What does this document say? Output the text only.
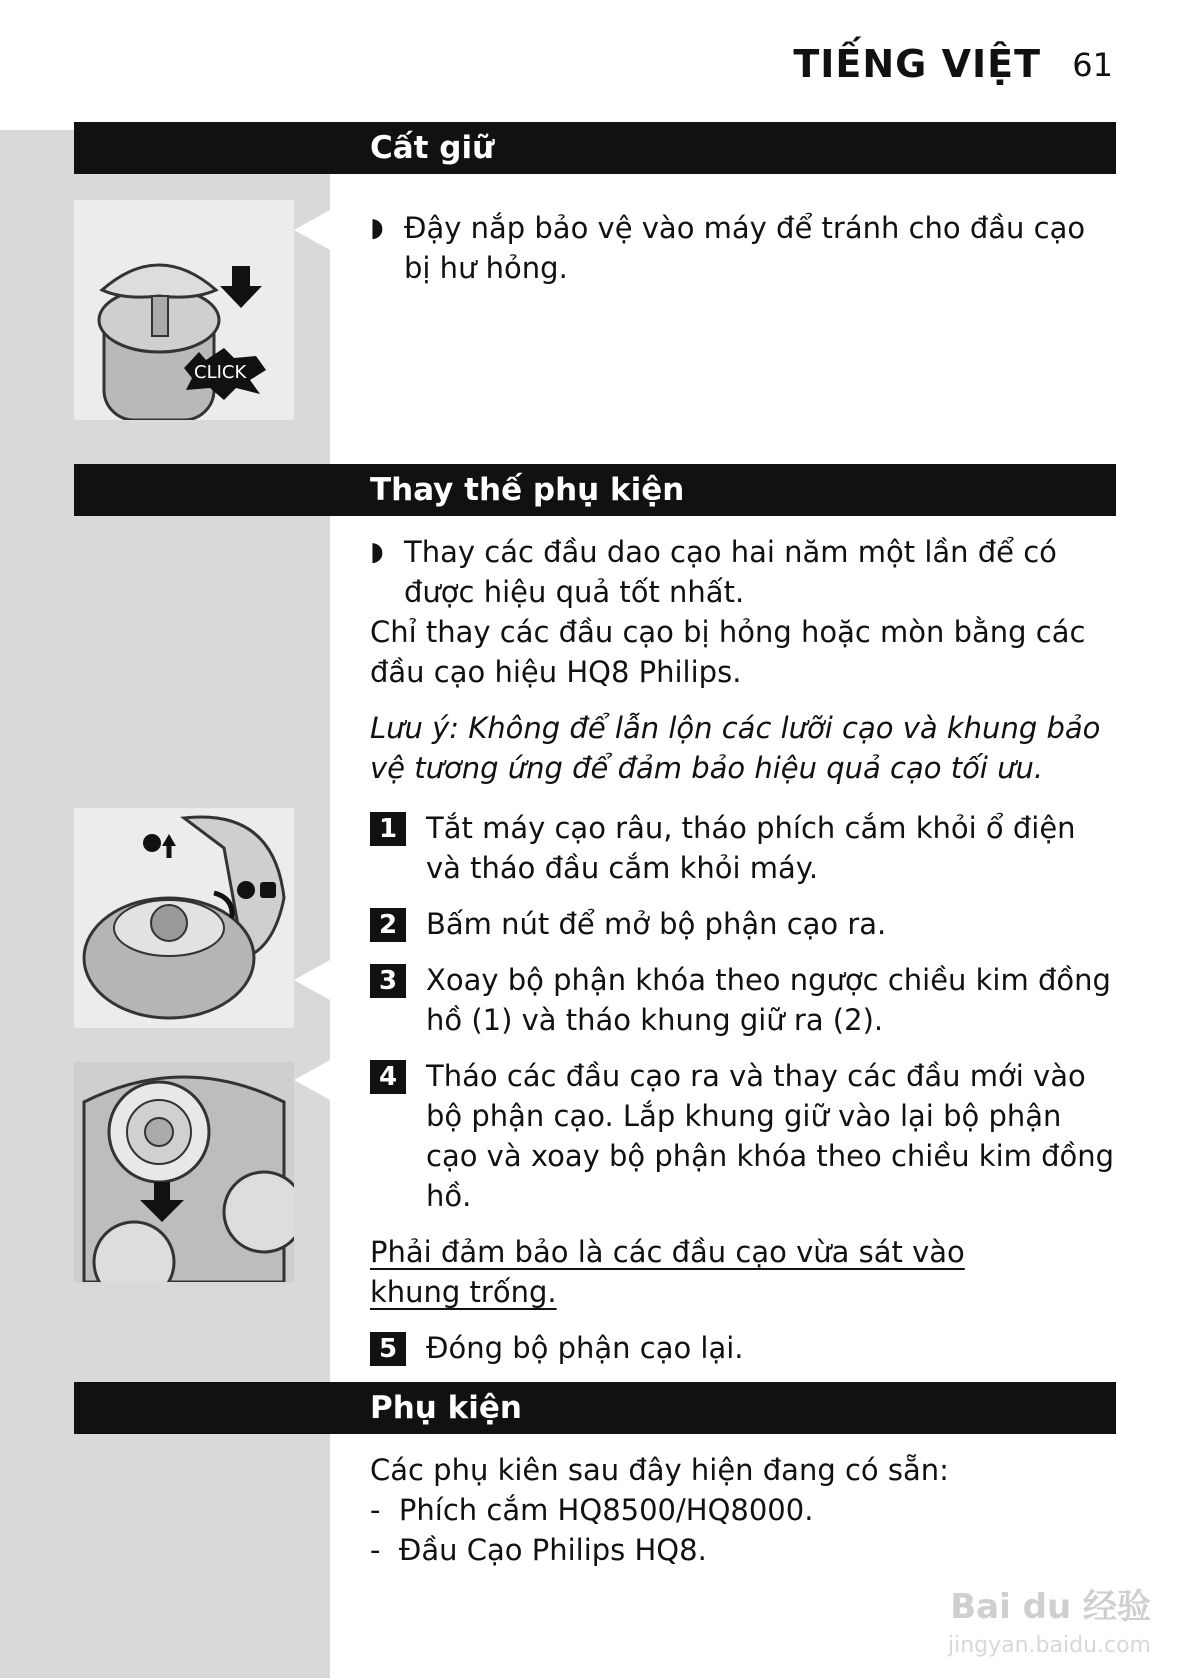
TIẾNG VIỆT 61
Cất giữ
CLICK
◗ Đậy nắp bảo vệ vào máy để tránh cho đầu cạo bị hư hỏng.
Thay thế phụ kiện
◗ Thay các đầu dao cạo hai năm một lần để có được hiệu quả tốt nhất.
Chỉ thay các đầu cạo bị hỏng hoặc mòn bằng các đầu cạo hiệu HQ8 Philips.
Lưu ý: Không để lẫn lộn các lưỡi cạo và khung bảo vệ tương ứng để đảm bảo hiệu quả cạo tối ưu.
1 Tắt máy cạo râu, tháo phích cắm khỏi ổ điện và tháo đầu cắm khỏi máy.
2 Bấm nút để mở bộ phận cạo ra.
3 Xoay bộ phận khóa theo ngược chiều kim đồng hồ (1) và tháo khung giữ ra (2).
4 Tháo các đầu cạo ra và thay các đầu mới vào bộ phận cạo. Lắp khung giữ vào lại bộ phận cạo và xoay bộ phận khóa theo chiều kim đồng hồ.
Phải đảm bảo là các đầu cạo vừa sát vào khung trống.
5 Đóng bộ phận cạo lại.
Phụ kiện
Các phụ kiên sau đây hiện đang có sẵn:
-  Phích cắm HQ8500/HQ8000.
-  Đầu Cạo Philips HQ8.
Bai du 经验
jingyan.baidu.com
